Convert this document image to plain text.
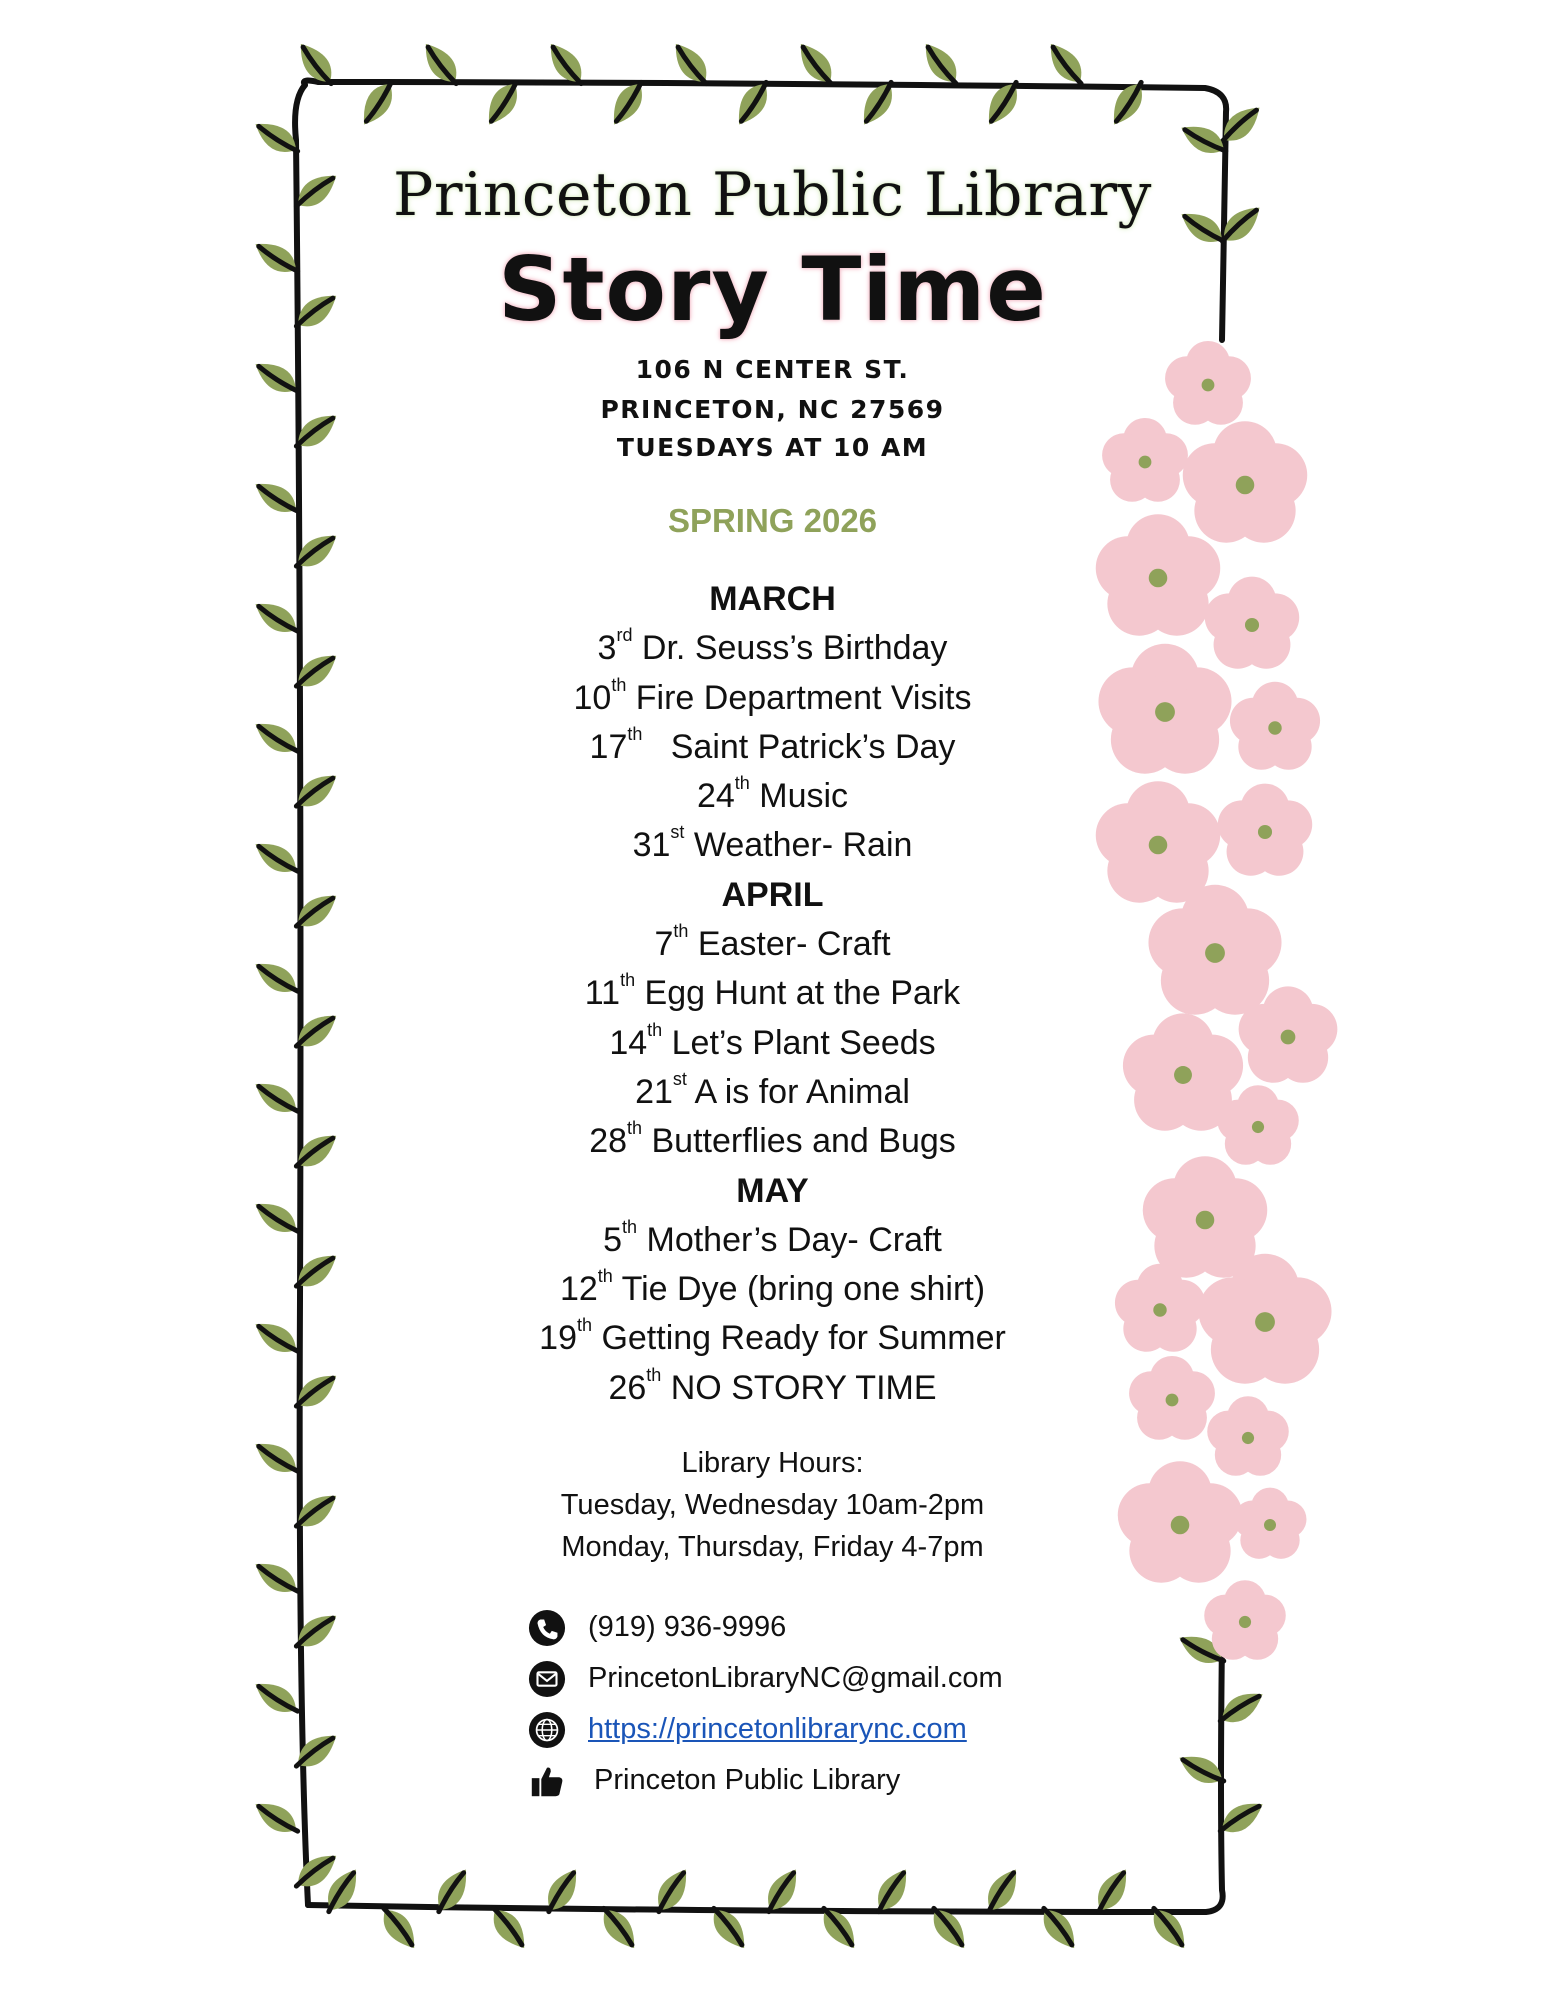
Princeton Public Library
Story Time
106 N CENTER ST.
PRINCETON, NC 27569
TUESDAYS AT 10 AM
SPRING 2026
MARCH
3rd Dr. Seuss’s Birthday
10th Fire Department Visits
17th   Saint Patrick’s Day
24th Music
31st Weather- Rain
APRIL
7th Easter- Craft
11th Egg Hunt at the Park
14th Let’s Plant Seeds
21st A is for Animal
28th Butterflies and Bugs
MAY
5th Mother’s Day- Craft
12th Tie Dye (bring one shirt)
19th Getting Ready for Summer
26th NO STORY TIME
Library Hours:
Tuesday, Wednesday 10am-2pm
Monday, Thursday, Friday 4-7pm
(919) 936-9996
PrincetonLibraryNC@gmail.com
https://princetonlibrarync.com
Princeton Public Library
